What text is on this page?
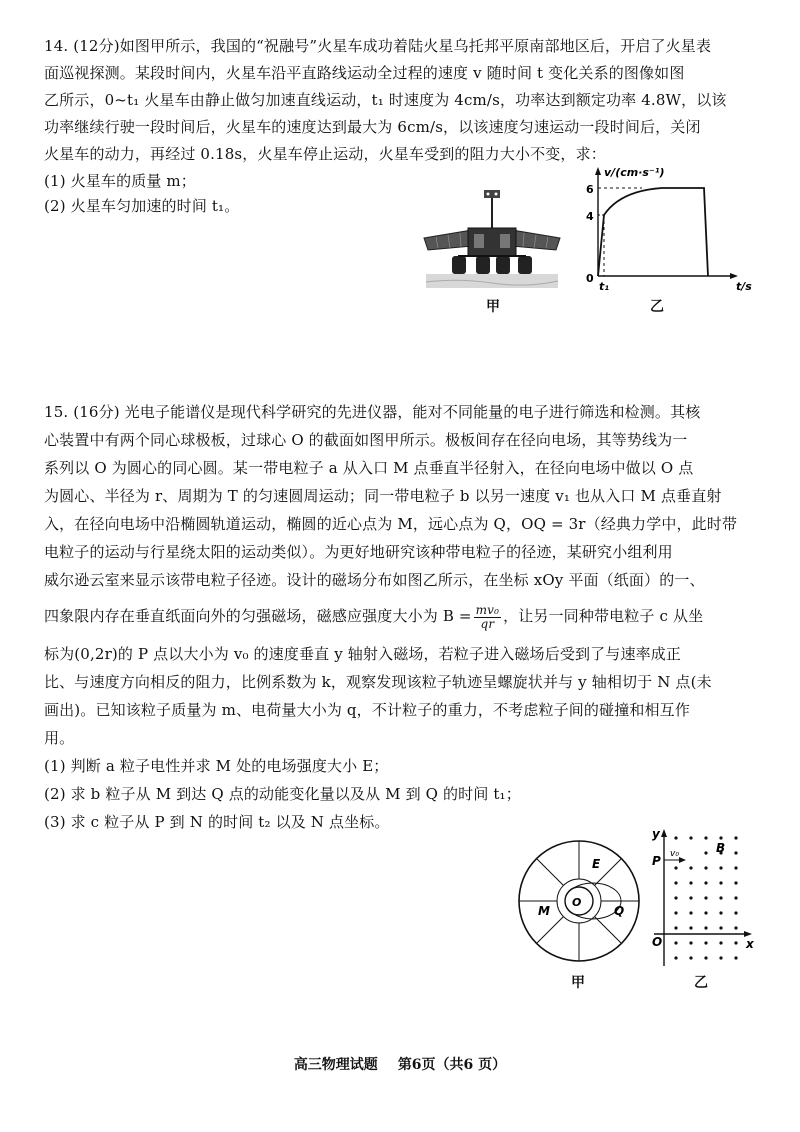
14. (12分)如图甲所示，我国的“祝融号”火星车成功着陆火星乌托邦平原南部地区后，开启了火星表
面巡视探测。某段时间内，火星车沿平直路线运动全过程的速度 v 随时间 t 变化关系的图像如图
乙所示，0~t₁ 火星车由静止做匀加速直线运动，t₁ 时速度为 4cm/s，功率达到额定功率 4.8W，以该
功率继续行驶一段时间后，火星车的速度达到最大为 6cm/s，以该速度匀速运动一段时间后，关闭
火星车的动力，再经过 0.18s，火星车停止运动，火星车受到的阻力大小不变，求：
(1) 火星车的质量 m；
(2) 火星车匀加速的时间 t₁。
甲
v/(cm·s⁻¹)
t/s
0
4
6
t₁
乙
15. (16分) 光电子能谱仪是现代科学研究的先进仪器，能对不同能量的电子进行筛选和检测。其核
心装置中有两个同心球极板，过球心 O 的截面如图甲所示。极板间存在径向电场，其等势线为一
系列以 O 为圆心的同心圆。某一带电粒子 a 从入口 M 点垂直半径射入，在径向电场中做以 O 点
为圆心、半径为 r、周期为 T 的匀速圆周运动；同一带电粒子 b 以另一速度 v₁ 也从入口 M 点垂直射
入，在径向电场中沿椭圆轨道运动，椭圆的近心点为 M，远心点为 Q，OQ = 3r（经典力学中，此时带
电粒子的运动与行星绕太阳的运动类似）。为更好地研究该种带电粒子的径迹，某研究小组利用
威尔逊云室来显示该带电粒子径迹。设计的磁场分布如图乙所示，在坐标 xOy 平面（纸面）的一、
四象限内存在垂直纸面向外的匀强磁场，磁感应强度大小为 $B = \frac{\text{mv₀}}{qr}$ ，让另一同种带电粒子 c 从坐
标为(0,2r)的 P 点以大小为 v₀ 的速度垂直 y 轴射入磁场，若粒子进入磁场后受到了与速率成正
比、与速度方向相反的阻力，比例系数为 k，观察发现该粒子轨迹呈螺旋状并与 y 轴相切于 N 点(未
画出)。已知该粒子质量为 m、电荷量大小为 q，不计粒子的重力，不考虑粒子间的碰撞和相互作
用。
(1) 判断 a 粒子电性并求 M 处的电场强度大小 E；
(2) 求 b 粒子从 M 到达 Q 点的动能变化量以及从 M 到 Q 的时间 t₁；
(3) 求 c 粒子从 P 到 N 的时间 t₂ 以及 N 点坐标。
E
M
O
Q
甲
y
x
O
P
B
v₀
乙
高三物理试题 第6页（共6 页）
